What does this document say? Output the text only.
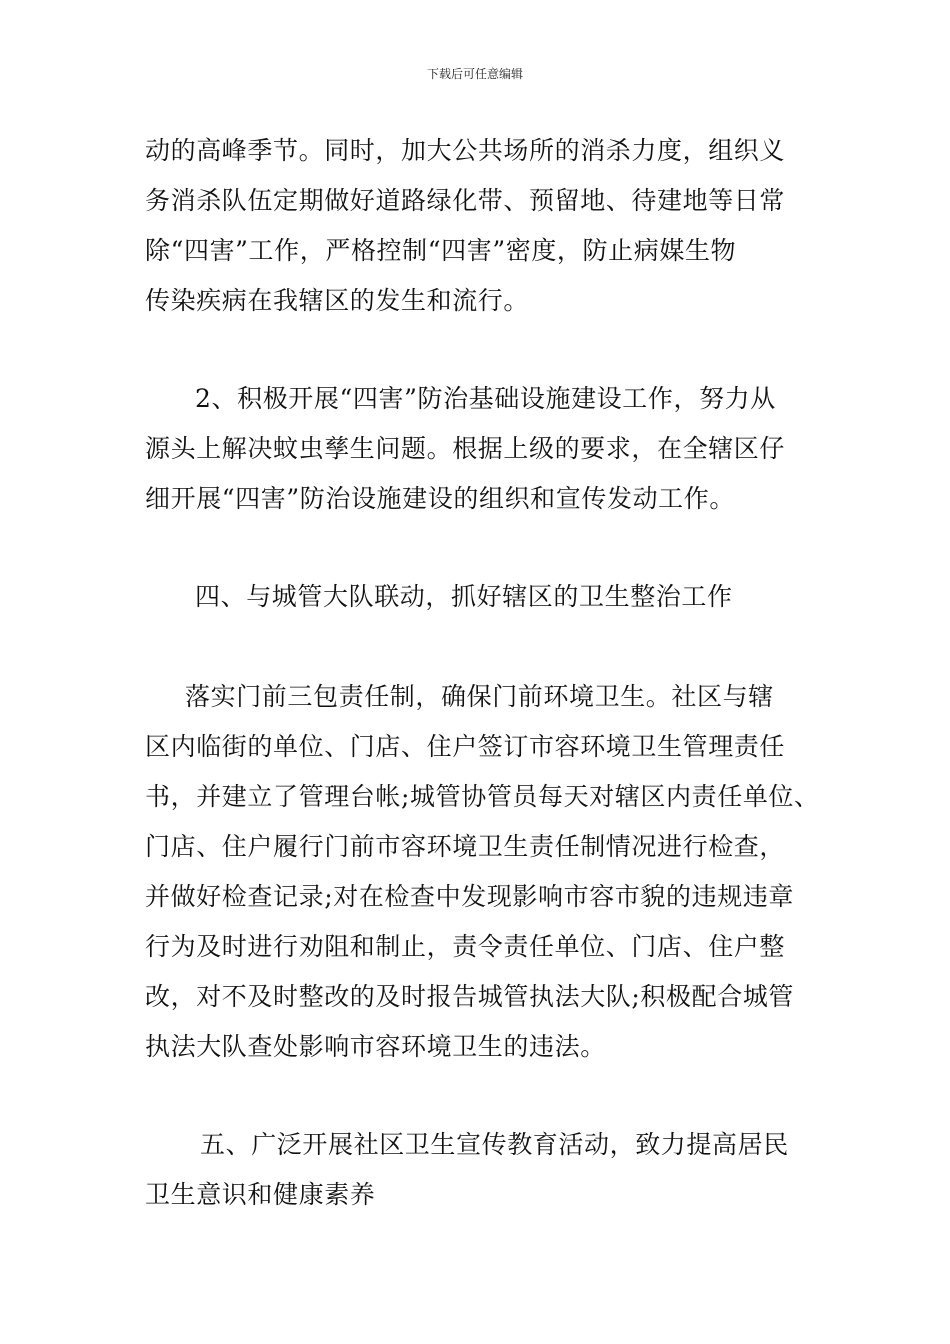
下载后可任意编辑
动的高峰季节。同时，加大公共场所的消杀力度，组织义
务消杀队伍定期做好道路绿化带、预留地、待建地等日常
除“四害”工作，严格控制“四害”密度，防止病媒生物
传染疾病在我辖区的发生和流行。
2、积极开展“四害”防治基础设施建设工作，努力从
源头上解决蚊虫孳生问题。根据上级的要求，在全辖区仔
细开展“四害”防治设施建设的组织和宣传发动工作。
四、与城管大队联动，抓好辖区的卫生整治工作
落实门前三包责任制，确保门前环境卫生。社区与辖
区内临街的单位、门店、住户签订市容环境卫生管理责任
书，并建立了管理台帐;城管协管员每天对辖区内责任单位、
门店、住户履行门前市容环境卫生责任制情况进行检查，
并做好检查记录;对在检查中发现影响市容市貌的违规违章
行为及时进行劝阻和制止，责令责任单位、门店、住户整
改，对不及时整改的及时报告城管执法大队;积极配合城管
执法大队查处影响市容环境卫生的违法。
五、广泛开展社区卫生宣传教育活动，致力提高居民
卫生意识和健康素养
